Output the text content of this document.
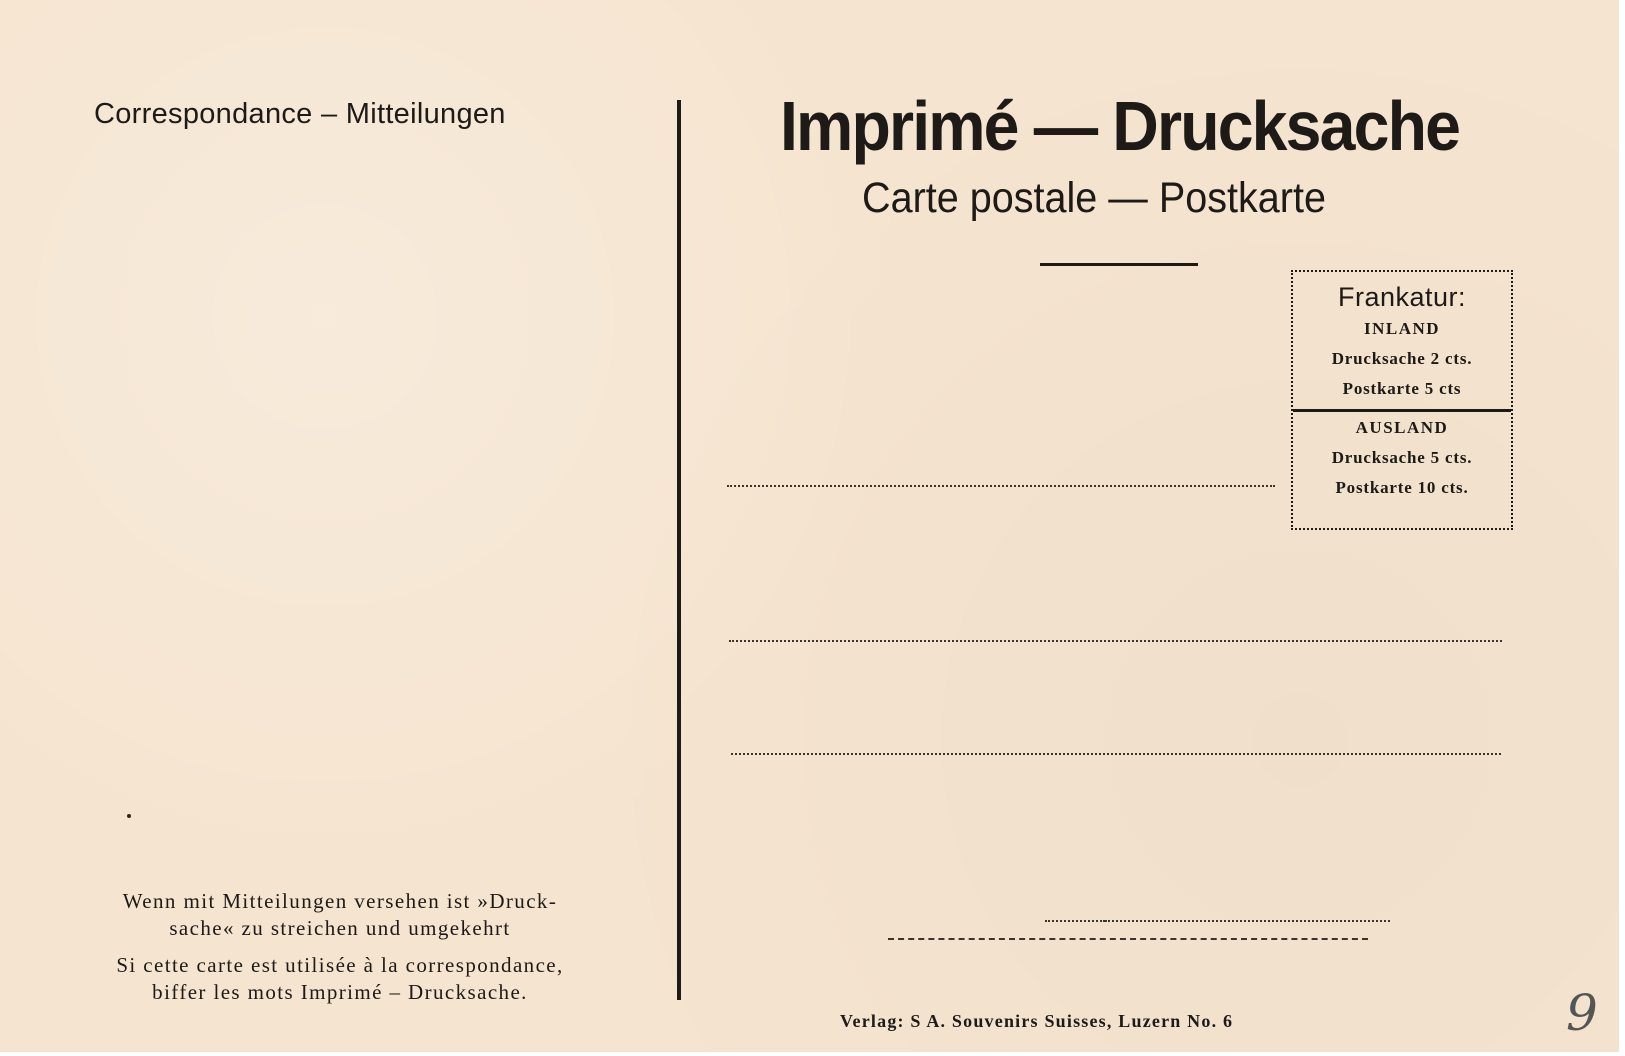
Correspondance – Mitteilungen	Imprimé — Drucksache
Carte postale — Postkarte
Frankatur:
INLAND
Drucksache 2 cts.
Postkarte 5 cts
AUSLAND
Drucksache 5 cts.
Postkarte 10 cts.
Wenn mit Mitteilungen versehen ist »Druck-
sache« zu streichen und umgekehrt
Si cette carte est utilisée à la correspondance,
biffer les mots Imprimé – Drucksache.
Verlag: S A. Souvenirs Suisses, Luzern No. 6	9
